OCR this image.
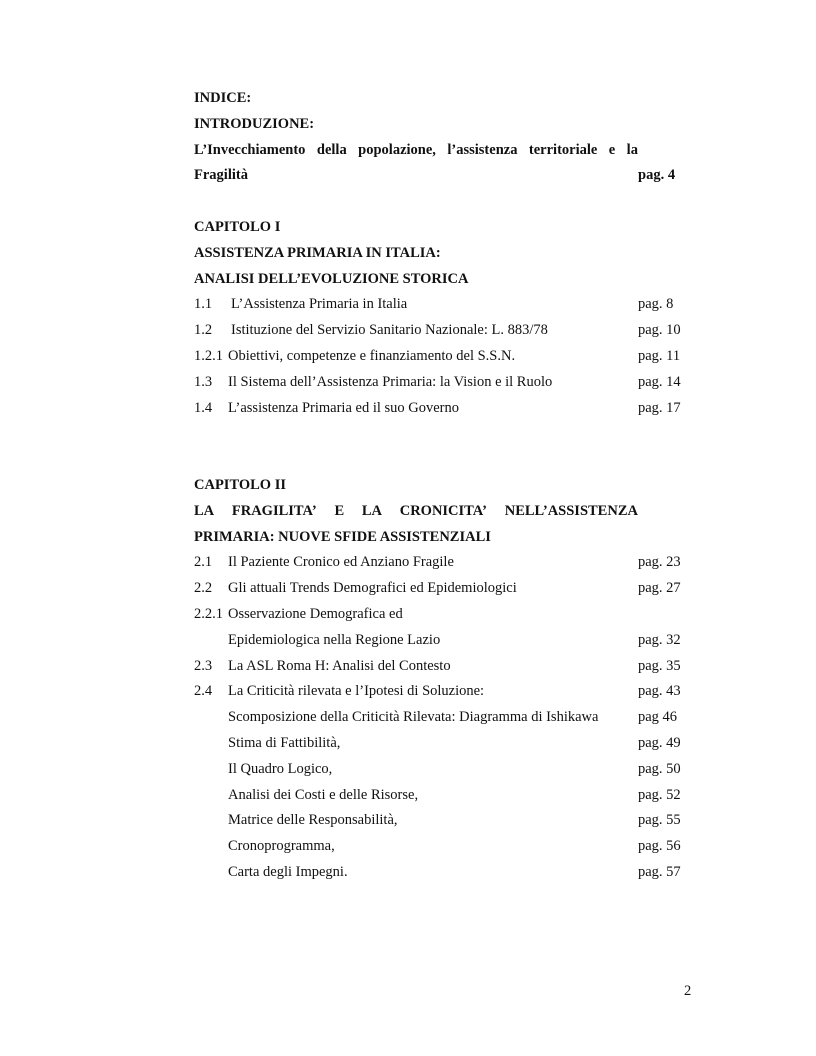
INDICE:
INTRODUZIONE:
L’Invecchiamento della popolazione, l’assistenza territoriale e la
Fragilità	pag. 4
CAPITOLO I
ASSISTENZA PRIMARIA IN ITALIA:
ANALISI DELL’EVOLUZIONE STORICA
1.1 L’Assistenza Primaria in Italia	pag. 8
1.2 Istituzione del Servizio Sanitario Nazionale: L. 883/78	pag. 10
1.2.1 Obiettivi, competenze e finanziamento del S.S.N.	pag. 11
1.3 Il Sistema dell’Assistenza Primaria: la Vision e il Ruolo	pag. 14
1.4 L’assistenza Primaria ed il suo Governo	pag. 17
CAPITOLO II
LA FRAGILITA’ E LA CRONICITA’ NELL’ASSISTENZA
PRIMARIA: NUOVE SFIDE ASSISTENZIALI
2.1 Il Paziente Cronico ed Anziano Fragile	pag. 23
2.2 Gli attuali Trends Demografici ed Epidemiologici	pag. 27
2.2.1 Osservazione Demografica ed
Epidemiologica nella Regione Lazio	pag. 32
2.3 La ASL Roma H: Analisi del Contesto	pag. 35
2.4 La Criticità rilevata e l’Ipotesi di Soluzione:	pag. 43
Scomposizione della Criticità Rilevata: Diagramma di Ishikawa	pag 46
Stima di Fattibilità,	pag. 49
Il Quadro Logico,	pag. 50
Analisi dei Costi e delle Risorse,	pag. 52
Matrice delle Responsabilità,	pag. 55
Cronoprogramma,	pag. 56
Carta degli Impegni.	pag. 57
2
